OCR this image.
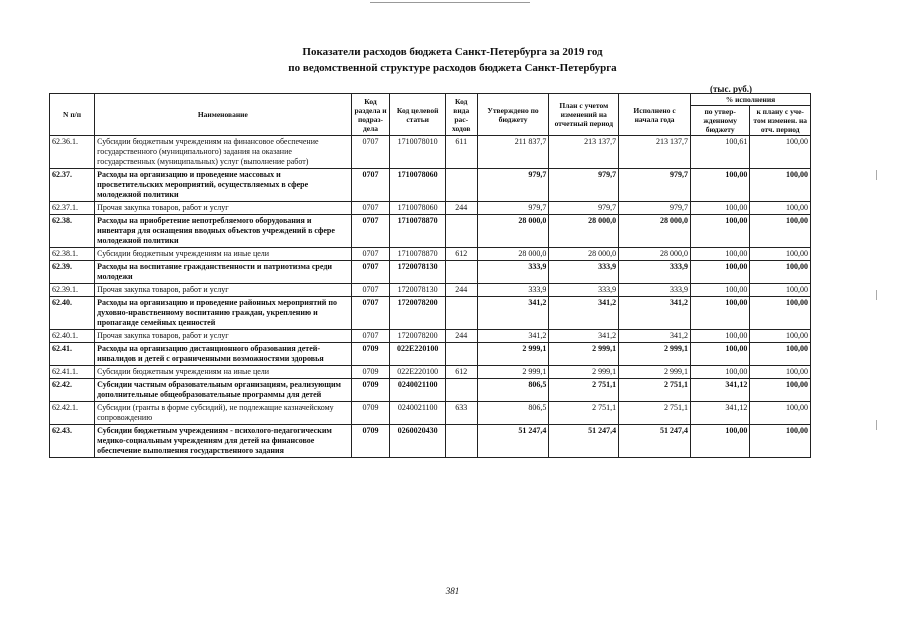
Показатели расходов бюджета Санкт-Петербурга за 2019 год
по ведомственной структуре расходов бюджета Санкт-Петербурга
(тыс. руб.)
N п/п	Наименование	Код раздела и подраз-дела	Код целевой статьи	Код вида рас-ходов	Утверждено по бюджету	План с учетом изменений на отчетный период	Исполнено с начала года	% исполнения	
								по утвер-жденному бюджету	к плану с уче-том изменен. на отч. период
62.36.1.	Субсидии бюджетным учреждениям на финансовое обеспечение государственного (муниципального) задания на оказание государственных (муниципальных) услуг (выполнение работ)	0707	1710078010	611	211 837,7	213 137,7	213 137,7	100,61	100,00
62.37.	Расходы на организацию и проведение массовых и просветительских мероприятий, осуществляемых в сфере молодежной политики	0707	1710078060		979,7	979,7	979,7	100,00	100,00
62.37.1.	Прочая закупка товаров, работ и услуг	0707	1710078060	244	979,7	979,7	979,7	100,00	100,00
62.38.	Расходы на приобретение непотребляемого оборудования и инвентаря для оснащения вводных объектов учреждений в сфере молодежной политики	0707	1710078870		28 000,0	28 000,0	28 000,0	100,00	100,00
62.38.1.	Субсидии бюджетным учреждениям на иные цели	0707	1710078870	612	28 000,0	28 000,0	28 000,0	100,00	100,00
62.39.	Расходы на воспитание гражданственности и патриотизма среди молодежи	0707	1720078130		333,9	333,9	333,9	100,00	100,00
62.39.1.	Прочая закупка товаров, работ и услуг	0707	1720078130	244	333,9	333,9	333,9	100,00	100,00
62.40.	Расходы на организацию и проведение районных мероприятий по духовно-нравственному воспитанию граждан, укреплению и пропаганде семейных ценностей	0707	1720078200		341,2	341,2	341,2	100,00	100,00
62.40.1.	Прочая закупка товаров, работ и услуг	0707	1720078200	244	341,2	341,2	341,2	100,00	100,00
62.41.	Расходы на организацию дистанционного образования детей-инвалидов и детей с ограниченными возможностями здоровья	0709	022E220100		2 999,1	2 999,1	2 999,1	100,00	100,00
62.41.1.	Субсидии бюджетным учреждениям на иные цели	0709	022E220100	612	2 999,1	2 999,1	2 999,1	100,00	100,00
62.42.	Субсидии частным образовательным организациям, реализующим дополнительные общеобразовательные программы для детей	0709	0240021100		806,5	2 751,1	2 751,1	341,12	100,00
62.42.1.	Субсидии (гранты в форме субсидий), не подлежащие казначейскому сопровождению	0709	0240021100	633	806,5	2 751,1	2 751,1	341,12	100,00
62.43.	Субсидии бюджетным учреждениям - психолого-педагогическим медико-социальным учреждениям для детей на финансовое обеспечение выполнения государственного задания	0709	0260020430		51 247,4	51 247,4	51 247,4	100,00	100,00
381
